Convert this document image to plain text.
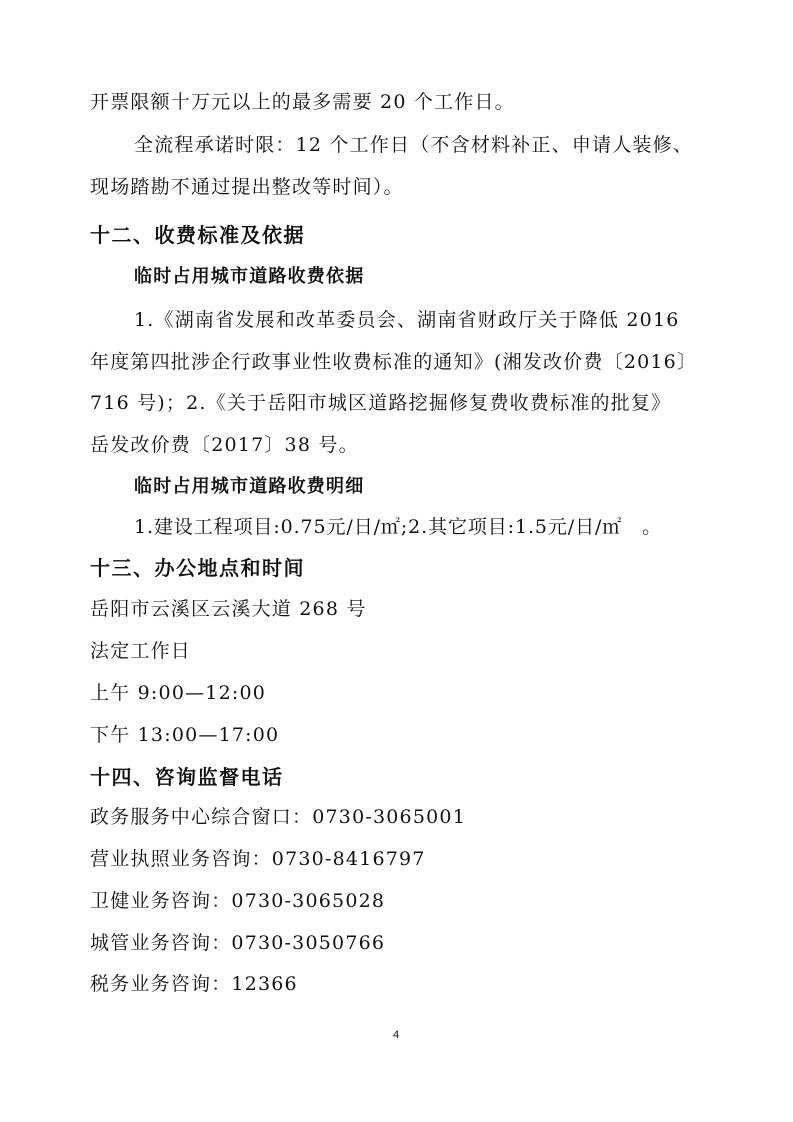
开票限额十万元以上的最多需要 20 个工作日。
全流程承诺时限：12 个工作日（不含材料补正、申请人装修、
现场踏勘不通过提出整改等时间）。
十二、收费标准及依据
临时占用城市道路收费依据
1.《湖南省发展和改革委员会、湖南省财政厅关于降低 2016
年度第四批涉企行政事业性收费标准的通知》(湘发改价费〔2016〕
716 号)；2.《关于岳阳市城区道路挖掘修复费收费标准的批复》
岳发改价费〔2017〕38 号。
临时占用城市道路收费明细
1.建设工程项目:0.75元/日/㎡;2.其它项目:1.5元/日/㎡　。
十三、办公地点和时间
岳阳市云溪区云溪大道 268 号
法定工作日
上午 9:00—12:00
下午 13:00—17:00
十四、咨询监督电话
政务服务中心综合窗口：0730-3065001
营业执照业务咨询：0730-8416797
卫健业务咨询：0730-3065028
城管业务咨询：0730-3050766
税务业务咨询：12366
4
